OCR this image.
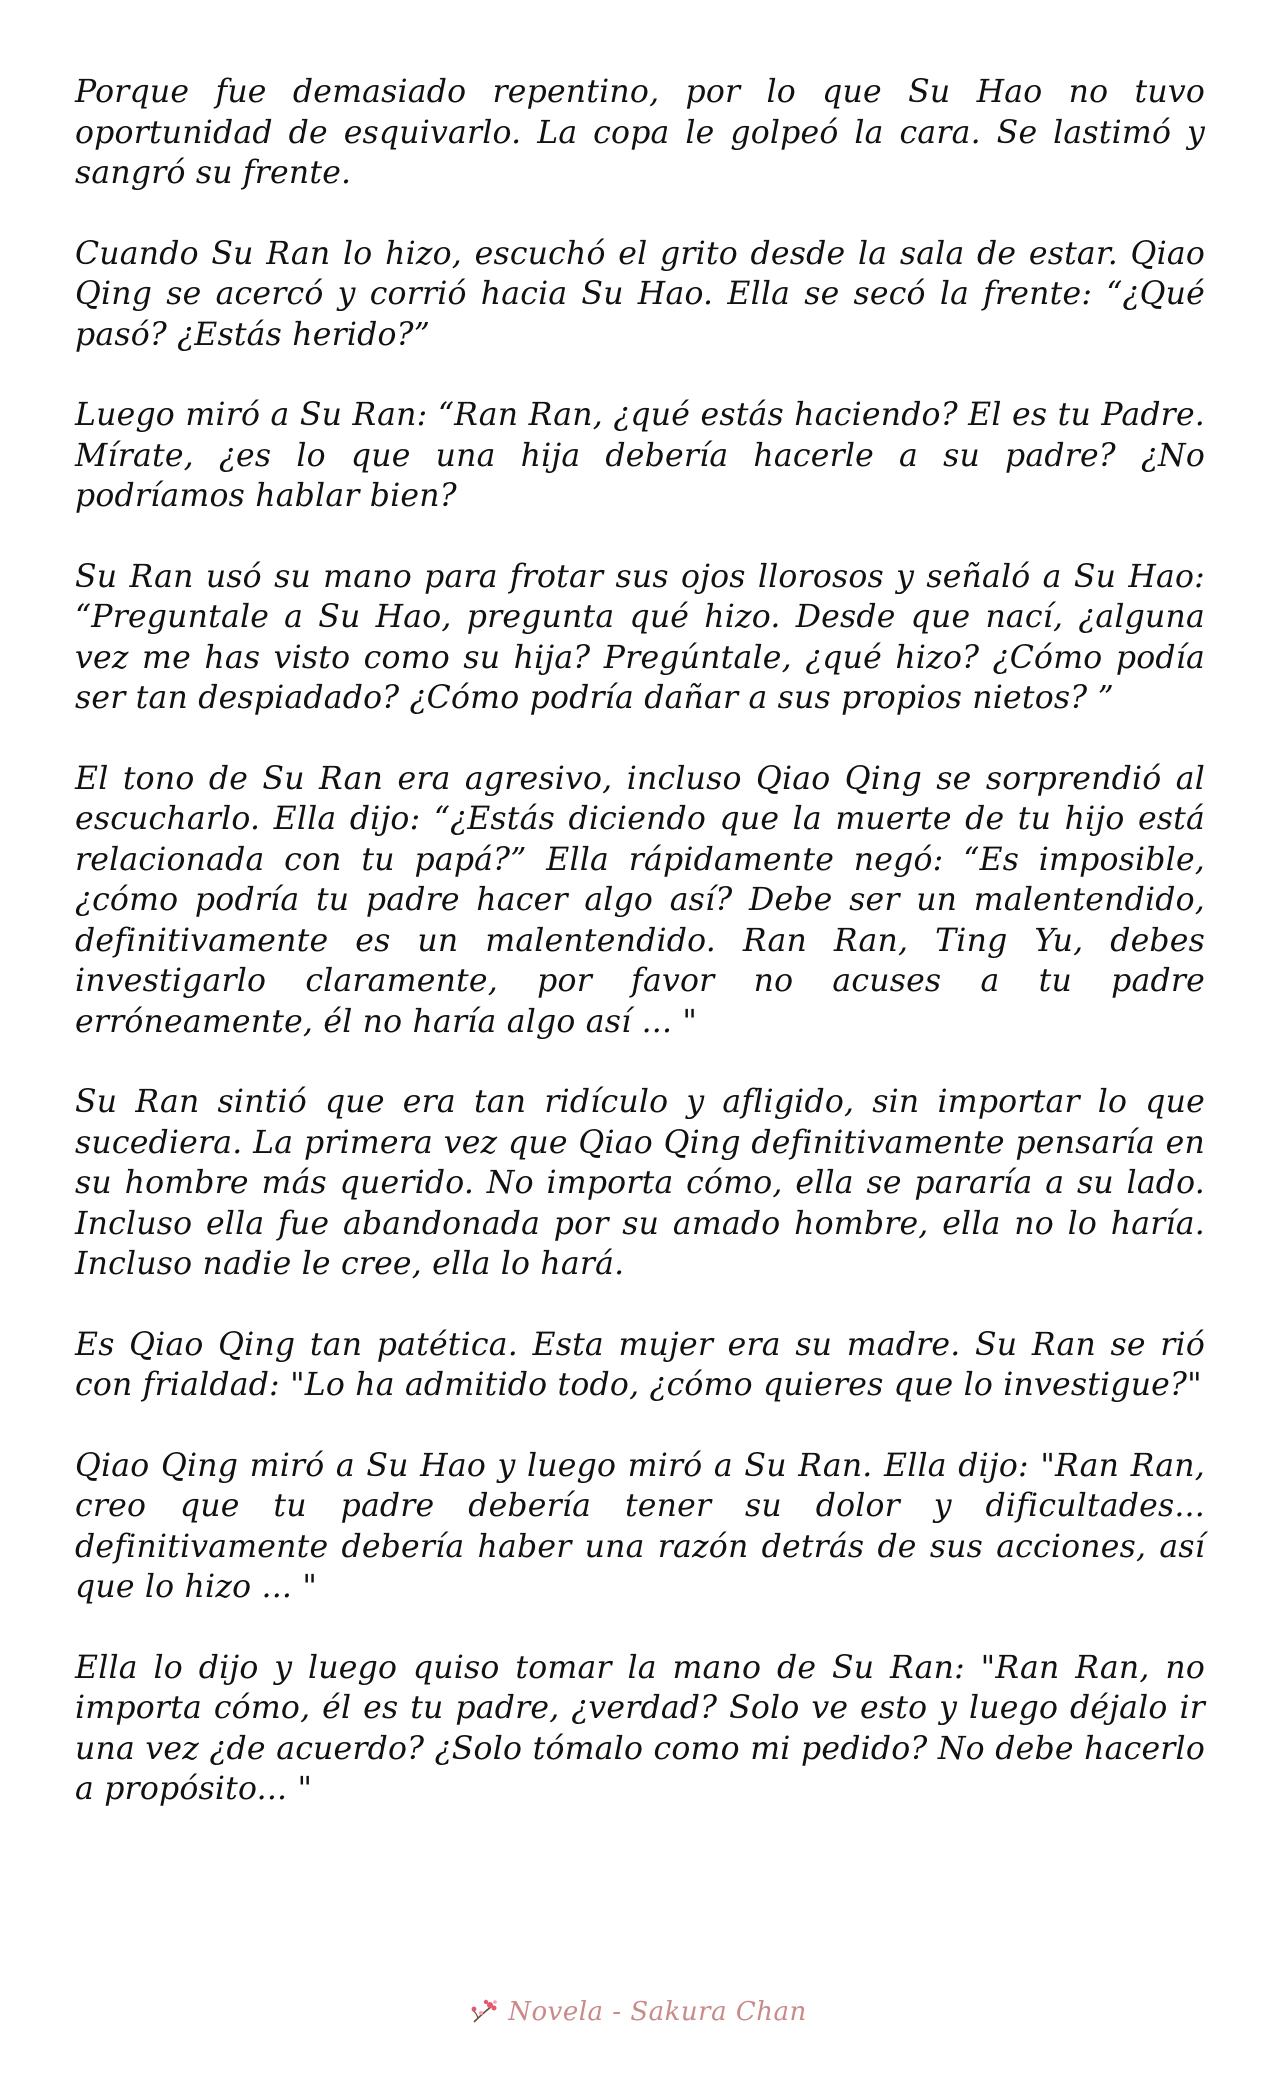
Porque fue demasiado repentino, por lo que Su Hao no tuvo oportunidad de esquivarlo. La copa le golpeó la cara. Se lastimó y sangró su frente.

Cuando Su Ran lo hizo, escuchó el grito desde la sala de estar. Qiao Qing se acercó y corrió hacia Su Hao. Ella se secó la frente: “¿Qué pasó? ¿Estás herido?”

Luego miró a Su Ran: “Ran Ran, ¿qué estás haciendo? El es tu Padre. Mírate, ¿es lo que una hija debería hacerle a su padre? ¿No podríamos hablar bien?

Su Ran usó su mano para frotar sus ojos llorosos y señaló a Su Hao: “Preguntale a Su Hao, pregunta qué hizo. Desde que nací, ¿alguna vez me has visto como su hija? Pregúntale, ¿qué hizo? ¿Cómo podía ser tan despiadado? ¿Cómo podría dañar a sus propios nietos? ”

El tono de Su Ran era agresivo, incluso Qiao Qing se sorprendió al escucharlo. Ella dijo: “¿Estás diciendo que la muerte de tu hijo está relacionada con tu papá?” Ella rápidamente negó: “Es imposible, ¿cómo podría tu padre hacer algo así? Debe ser un malentendido, definitivamente es un malentendido. Ran Ran, Ting Yu, debes investigarlo claramente, por favor no acuses a tu padre erróneamente, él no haría algo así ... "

Su Ran sintió que era tan ridículo y afligido, sin importar lo que sucediera. La primera vez que Qiao Qing definitivamente pensaría en su hombre más querido. No importa cómo, ella se pararía a su lado. Incluso ella fue abandonada por su amado hombre, ella no lo haría. Incluso nadie le cree, ella lo hará.

Es Qiao Qing tan patética. Esta mujer era su madre. Su Ran se rió con frialdad: "Lo ha admitido todo, ¿cómo quieres que lo investigue?"

Qiao Qing miró a Su Hao y luego miró a Su Ran. Ella dijo: "Ran Ran, creo que tu padre debería tener su dolor y dificultades... definitivamente debería haber una razón detrás de sus acciones, así que lo hizo ... "

Ella lo dijo y luego quiso tomar la mano de Su Ran: "Ran Ran, no importa cómo, él es tu padre, ¿verdad? Solo ve esto y luego déjalo ir una vez ¿de acuerdo? ¿Solo tómalo como mi pedido? No debe hacerlo a propósito... "

Novela - Sakura Chan
